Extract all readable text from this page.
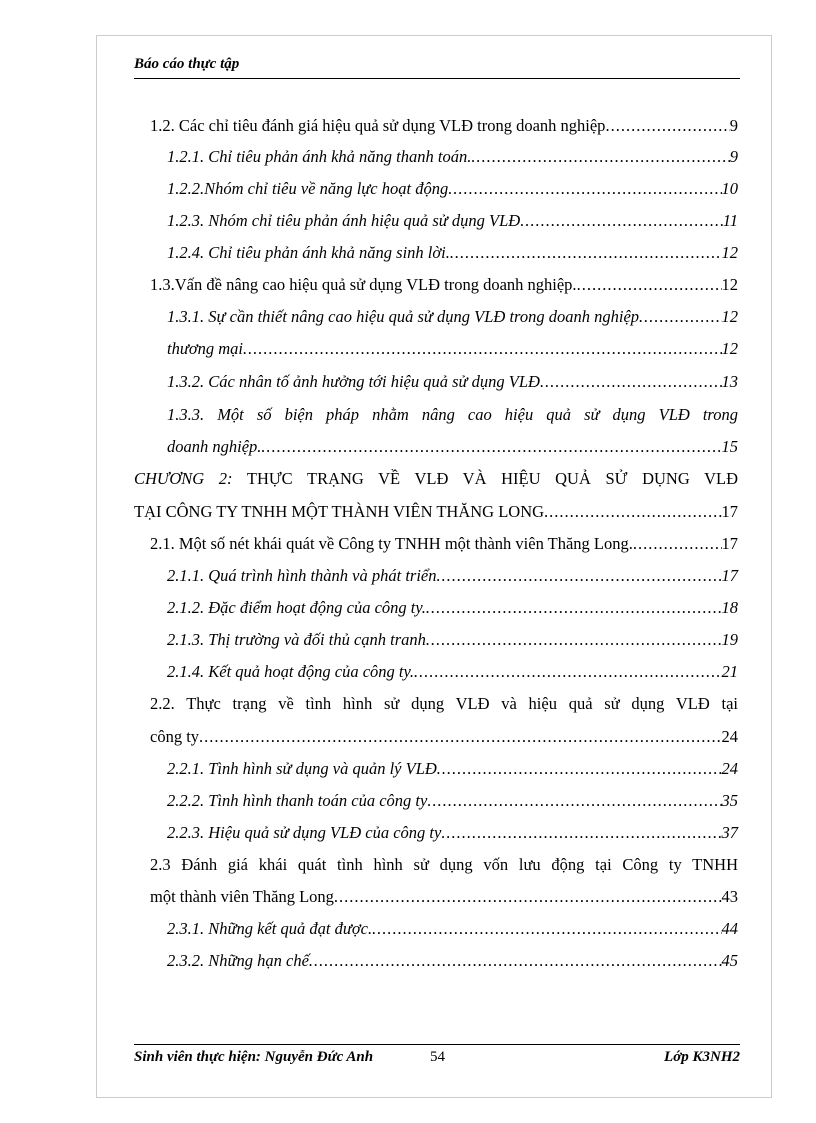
Báo cáo thực tập
1.2. Các chỉ tiêu đánh giá hiệu quả sử dụng VLĐ trong doanh nghiệp .....	9
1.2.1. Chỉ tiêu phản ánh khả năng thanh toán. .....	9
1.2.2.Nhóm chỉ tiêu về năng lực hoạt động .....	10
1.2.3. Nhóm chỉ tiêu phản ánh hiệu quả sử dụng VLĐ .....	11
1.2.4. Chỉ tiêu phản ánh khả năng sinh lời. .....	12
1.3.Vấn đề nâng cao hiệu quả sử dụng VLĐ trong doanh nghiệp. .....	12
1.3.1. Sự cần thiết nâng cao hiệu quả sử dụng VLĐ trong doanh nghiệp .....	12
thương mại .....	12
1.3.2. Các nhân tố ảnh hưởng tới hiệu quả sử dụng VLĐ .....	13
1.3.3. Một số biện pháp nhằm nâng cao hiệu quả sử dụng VLĐ trong
doanh nghiệp. .....	15
CHƯƠNG 2: THỰC TRẠNG VỀ VLĐ VÀ HIỆU QUẢ SỬ DỤNG VLĐ
TẠI CÔNG TY TNHH MỘT THÀNH VIÊN THĂNG LONG .....	17
2.1. Một số nét khái quát về Công ty TNHH một thành viên Thăng Long. .....	17
2.1.1. Quá trình hình thành và phát triển .....	17
2.1.2. Đặc điểm hoạt động của công ty. .....	18
2.1.3. Thị trường và đối thủ cạnh tranh .....	19
2.1.4. Kết quả hoạt động của công ty. .....	21
2.2. Thực trạng về tình hình sử dụng VLĐ và hiệu quả sử dụng VLĐ tại
công ty .....	24
2.2.1. Tình hình sử dụng và quản lý VLĐ .....	24
2.2.2. Tình hình thanh toán của công ty .....	35
2.2.3. Hiệu quả sử dụng VLĐ của công ty .....	37
2.3 Đánh giá khái quát tình hình sử dụng vốn lưu động tại Công ty TNHH
một thành viên Thăng Long .....	43
2.3.1. Những kết quả đạt được. .....	44
2.3.2. Những hạn chế .....	45
Sinh viên thực hiện: Nguyễn Đức Anh	54	Lớp K3NH2
